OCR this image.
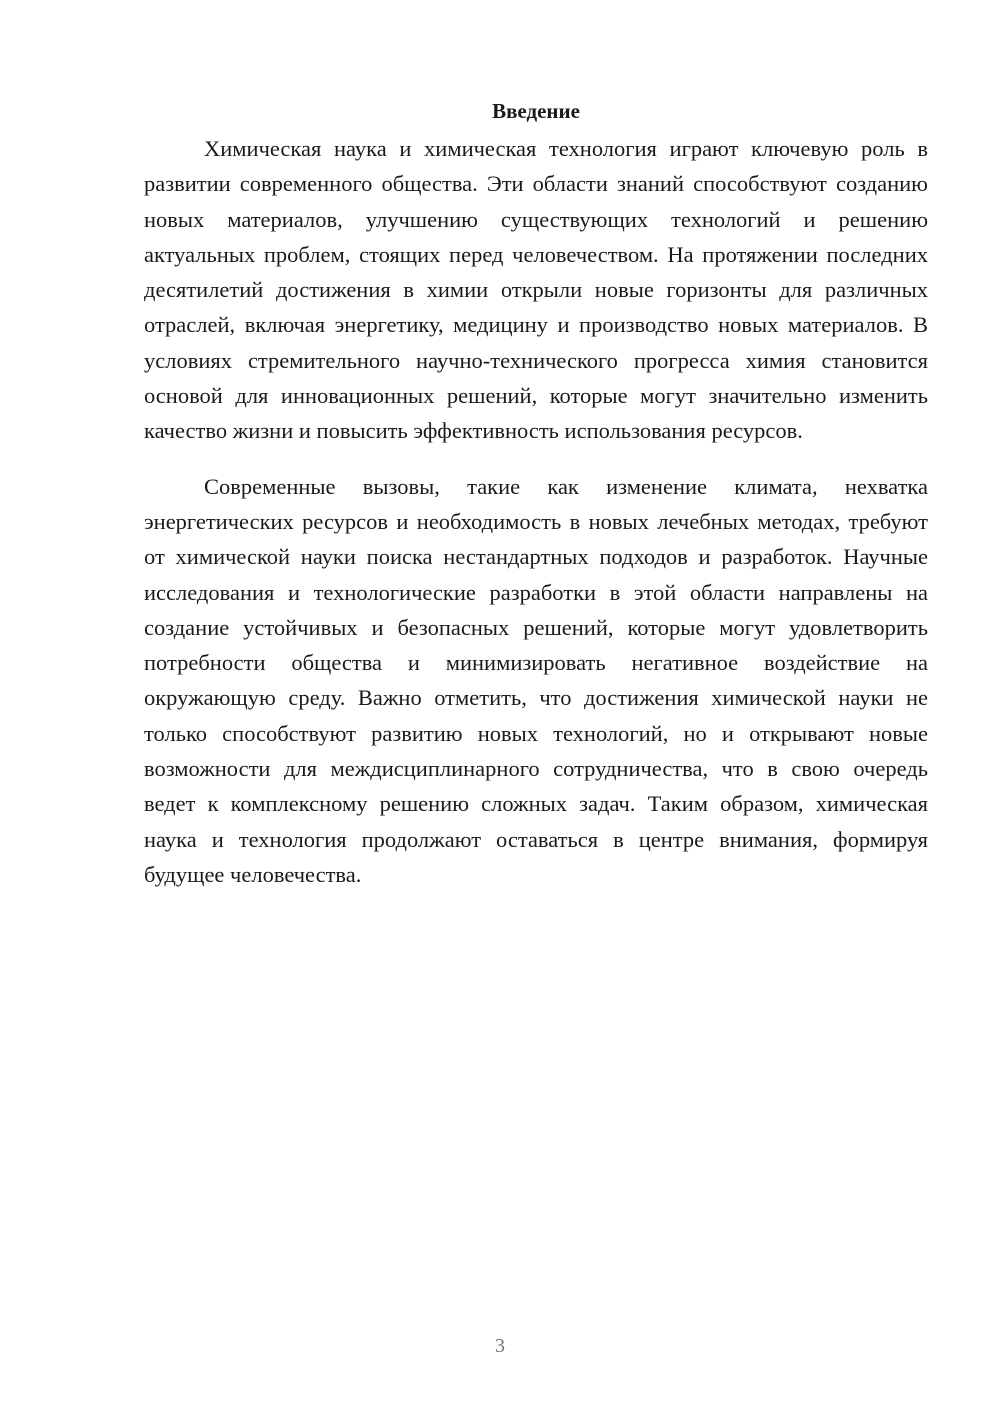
Введение

Химическая наука и химическая технология играют ключевую роль в развитии современного общества. Эти области знаний способствуют созданию новых материалов, улучшению существующих технологий и решению актуальных проблем, стоящих перед человечеством. На протяжении последних десятилетий достижения в химии открыли новые горизонты для различных отраслей, включая энергетику, медицину и производство новых материалов. В условиях стремительного научно-технического прогресса химия становится основой для инновационных решений, которые могут значительно изменить качество жизни и повысить эффективность использования ресурсов.

Современные вызовы, такие как изменение климата, нехватка энергетических ресурсов и необходимость в новых лечебных методах, требуют от химической науки поиска нестандартных подходов и разработок. Научные исследования и технологические разработки в этой области направлены на создание устойчивых и безопасных решений, которые могут удовлетворить потребности общества и минимизировать негативное воздействие на окружающую среду. Важно отметить, что достижения химической науки не только способствуют развитию новых технологий, но и открывают новые возможности для междисциплинарного сотрудничества, что в свою очередь ведет к комплексному решению сложных задач. Таким образом, химическая наука и технология продолжают оставаться в центре внимания, формируя будущее человечества.

3
